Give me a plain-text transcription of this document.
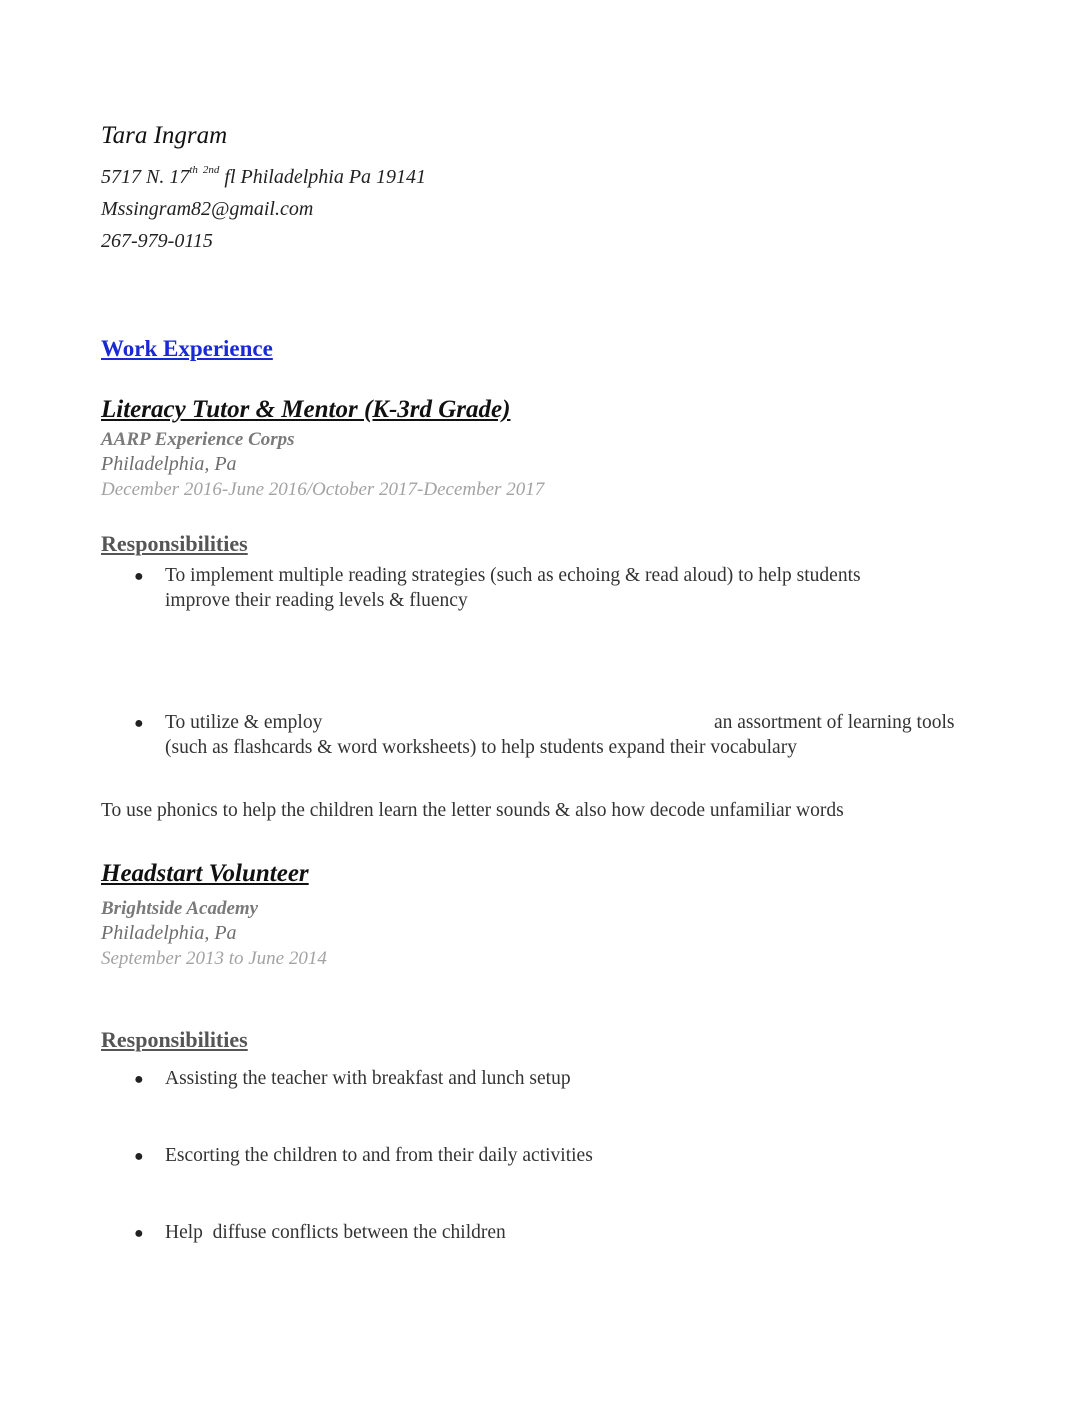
Tara Ingram
5717 N. 17th $^{2nd}$ fl Philadelphia Pa 19141
Mssingram82@gmail.com
267-979-0115
Work Experience
Literacy Tutor & Mentor (K-3rd Grade)
AARP Experience Corps
Philadelphia, Pa
December 2016-June 2016/October 2017-December 2017
Responsibilities
● To implement multiple reading strategies (such as echoing & read aloud) to help students
improve their reading levels & fluency
● To utilize & employ	an assortment of learning tools
(such as flashcards & word worksheets) to help students expand their vocabulary
To use phonics to help the children learn the letter sounds & also how decode unfamiliar words
Headstart Volunteer
Brightside Academy
Philadelphia, Pa
September 2013 to June 2014
Responsibilities
● Assisting the teacher with breakfast and lunch setup
● Escorting the children to and from their daily activities
● Help  diffuse conflicts between the children
